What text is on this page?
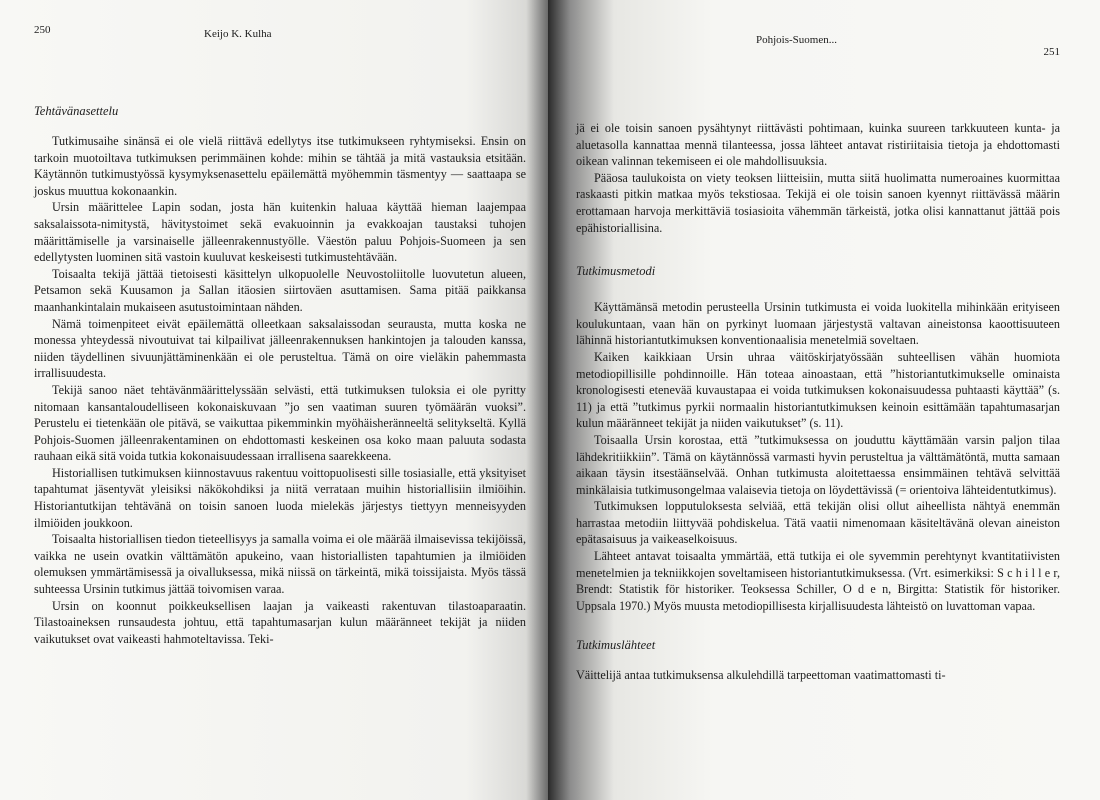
250	Keijo K. Kulha
Tehtävänasettelu

Tutkimusaihe sinänsä ei ole vielä riittävä edellytys itse tutkimukseen ryhtymiseksi. Ensin on tarkoin muotoiltava tutkimuksen perimmäinen kohde: mihin se tähtää ja mitä vastauksia etsitään. Käytännön tutkimustyössä kysymyksenasettelu epäilemättä myöhemmin täsmentyy — saattaapa se joskus muuttua kokonaankin.

Ursin määrittelee Lapin sodan, josta hän kuitenkin haluaa käyttää hieman laajempaa saksalaissota-nimitystä, hävitystoimet sekä evakuoinnin ja evakkoajan taustaksi tuhojen määrittämiselle ja varsinaiselle jälleenrakennustyölle. Väestön paluu Pohjois-Suomeen ja sen edellytysten luominen sitä vastoin kuuluvat keskeisesti tutkimustehtävään.

Toisaalta tekijä jättää tietoisesti käsittelyn ulkopuolelle Neuvostoliitolle luovutetun alueen, Petsamon sekä Kuusamon ja Sallan itäosien siirtoväen asuttamisen. Sama pitää paikkansa maanhankintalain mukaiseen asutustoimintaan nähden.

Nämä toimenpiteet eivät epäilemättä olleetkaan saksalaissodan seurausta, mutta koska ne monessa yhteydessä nivoutuivat tai kilpailivat jälleenrakennuksen hankintojen ja talouden kanssa, niiden täydellinen sivuunjättäminenkään ei ole perusteltua. Tämä on oire vieläkin pahemmasta irrallisuudesta.

Tekijä sanoo näet tehtävänmäärittelyssään selvästi, että tutkimuksen tuloksia ei ole pyritty nitomaan kansantaloudelliseen kokonaiskuvaan ”jo sen vaatiman suuren työmäärän vuoksi”. Perustelu ei tietenkään ole pitävä, se vaikuttaa pikemminkin myöhäisheränneeltä selitykseltä. Kyllä Pohjois-Suomen jälleenrakentaminen on ehdottomasti keskeinen osa koko maan paluuta sodasta rauhaan eikä sitä voida tutkia kokonaisuudessaan irrallisena saarekkeena.

Historiallisen tutkimuksen kiinnostavuus rakentuu voittopuolisesti sille tosiasialle, että yksityiset tapahtumat jäsentyvät yleisiksi näkökohdiksi ja niitä verrataan muihin historiallisiin ilmiöihin. Historiantutkijan tehtävänä on toisin sanoen luoda mielekäs järjestys tiettyyn menneisyyden ilmiöiden joukkoon.

Toisaalta historiallisen tiedon tieteellisyys ja samalla voima ei ole määrää ilmaisevissa tekijöissä, vaikka ne usein ovatkin välttämätön apukeino, vaan historiallisten tapahtumien ja ilmiöiden olemuksen ymmärtämisessä ja oivalluksessa, mikä niissä on tärkeintä, mikä toissijaista. Myös tässä suhteessa Ursinin tutkimus jättää toivomisen varaa.

Ursin on koonnut poikkeuksellisen laajan ja vaikeasti rakentuvan tilastoaparaatin. Tilastoaineksen runsaudesta johtuu, että tapahtumasarjan kulun määränneet tekijät ja niiden vaikutukset ovat vaikeasti hahmoteltavissa. Teki-

Pohjois-Suomen...
251

jä ei ole toisin sanoen pysähtynyt riittävästi pohtimaan, kuinka suureen tarkkuuteen kunta- ja aluetasolla kannattaa mennä tilanteessa, jossa lähteet antavat ristiriitaisia tietoja ja ehdottomasti oikean valinnan tekemiseen ei ole mahdollisuuksia.

Pääosa taulukoista on viety teoksen liitteisiin, mutta siitä huolimatta numeroaines kuormittaa raskaasti pitkin matkaa myös tekstiosaa. Tekijä ei ole toisin sanoen kyennyt riittävässä määrin erottamaan harvoja merkittäviä tosiasioita vähemmän tärkeistä, jotka olisi kannattanut jättää pois epähistoriallisina.

Tutkimusmetodi

Käyttämänsä metodin perusteella Ursinin tutkimusta ei voida luokitella mihinkään erityiseen koulukuntaan, vaan hän on pyrkinyt luomaan järjestystä valtavan aineistonsa kaoottisuuteen lähinnä historiantutkimuksen konventionaalisia menetelmiä soveltaen.

Kaiken kaikkiaan Ursin uhraa väitöskirjatyössään suhteellisen vähän huomiota metodiopillisille pohdinnoille. Hän toteaa ainoastaan, että ”historiantutkimukselle ominaista kronologisesti etenevää kuvaustapaa ei voida tutkimuksen kokonaisuudessa puhtaasti käyttää” (s. 11) ja että ”tutkimus pyrkii normaalin historiantutkimuksen keinoin esittämään tapahtumasarjan kulun määränneet tekijät ja niiden vaikutukset” (s. 11).

Toisaalla Ursin korostaa, että ”tutkimuksessa on jouduttu käyttämään varsin paljon tilaa lähdekritiikkiin”. Tämä on käytännössä varmasti hyvin perusteltua ja välttämätöntä, mutta samaan aikaan täysin itsestäänselvää. Onhan tutkimusta aloitettaessa ensimmäinen tehtävä selvittää minkälaisia tutkimusongelmaa valaisevia tietoja on löydettävissä (= orientoiva lähteidentutkimus).

Tutkimuksen lopputuloksesta selviää, että tekijän olisi ollut aiheellista nähtyä enemmän harrastaa metodiin liittyvää pohdiskelua. Tätä vaatii nimenomaan käsiteltävänä olevan aineiston epätasaisuus ja vaikeaselkoisuus.

Lähteet antavat toisaalta ymmärtää, että tutkija ei ole syvemmin perehtynyt kvantitatiivisten menetelmien ja tekniikkojen soveltamiseen historiantutkimuksessa. (Vrt. esimerkiksi: S c h i l l e r, Brendt: Statistik för historiker. Teoksessa Schiller, O d e n, Birgitta: Statistik för historiker. Uppsala 1970.) Myös muusta metodiopillisesta kirjallisuudesta lähteistö on luvattoman vapaa.

Tutkimuslähteet

Väittelijä antaa tutkimuksensa alkulehdillä tarpeettoman vaatimattomasti ti-
